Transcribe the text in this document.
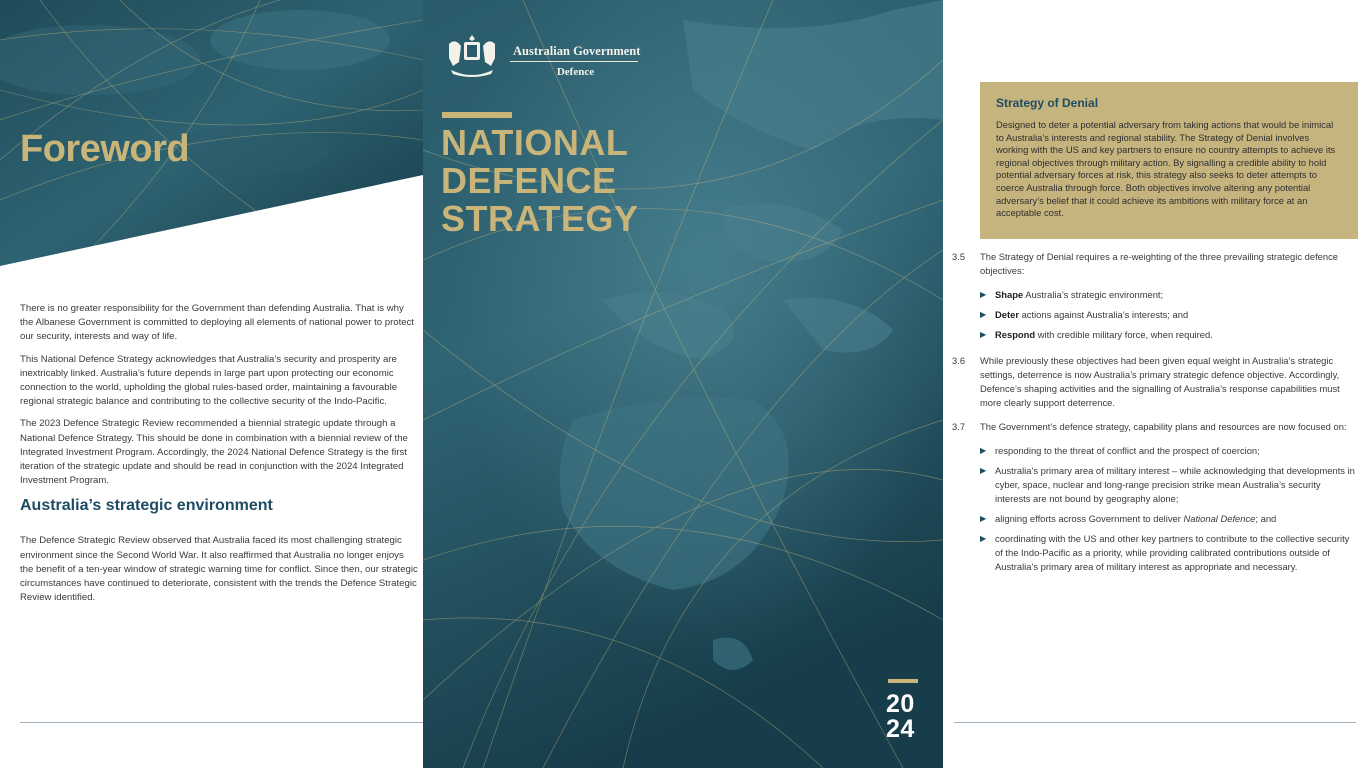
Foreword

There is no greater responsibility for the Government than defending Australia. That is why the Albanese Government is committed to deploying all elements of national power to protect our security, interests and way of life.

This National Defence Strategy acknowledges that Australia’s security and prosperity are inextricably linked. Australia’s future depends in large part upon protecting our economic connection to the world, upholding the global rules-based order, maintaining a favourable regional strategic balance and contributing to the collective security of the Indo-Pacific.

The 2023 Defence Strategic Review recommended a biennial strategic update through a National Defence Strategy. This should be done in combination with a biennial review of the Integrated Investment Program. Accordingly, the 2024 National Defence Strategy is the first iteration of the strategic update and should be read in conjunction with the 2024 Integrated Investment Program.

Australia’s strategic environment

The Defence Strategic Review observed that Australia faced its most challenging strategic environment since the Second World War. It also reaffirmed that Australia no longer enjoys the benefit of a ten-year window of strategic warning time for conflict. Since then, our strategic circumstances have continued to deteriorate, consistent with the trends the Defence Strategic Review identified.

Australian Government
Defence
NATIONAL
DEFENCE
STRATEGY
20
24
Strategy of Denial
Designed to deter a potential adversary from taking actions that would be inimical to Australia’s interests and regional stability. The Strategy of Denial involves working with the US and key partners to ensure no country attempts to achieve its regional objectives through military action. By signalling a credible ability to hold potential adversary forces at risk, this strategy also seeks to deter attempts to coerce Australia through force. Both objectives involve altering any potential adversary’s belief that it could achieve its ambitions with military force at an acceptable cost.
3.5	The Strategy of Denial requires a re-weighting of the three prevailing strategic defence objectives:
▶ Shape Australia’s strategic environment;
▶ Deter actions against Australia’s interests; and
▶ Respond with credible military force, when required.
3.6	While previously these objectives had been given equal weight in Australia’s strategic settings, deterrence is now Australia’s primary strategic defence objective. Accordingly, Defence’s shaping activities and the signalling of Australia’s response capabilities must more clearly support deterrence.
3.7	The Government’s defence strategy, capability plans and resources are now focused on:
▶ responding to the threat of conflict and the prospect of coercion;
▶ Australia’s primary area of military interest – while acknowledging that developments in cyber, space, nuclear and long-range precision strike mean Australia’s security interests are not bound by geography alone;
▶ aligning efforts across Government to deliver National Defence; and
▶ coordinating with the US and other key partners to contribute to the collective security of the Indo-Pacific as a priority, while providing calibrated contributions outside of Australia’s primary area of military interest as appropriate and necessary.
